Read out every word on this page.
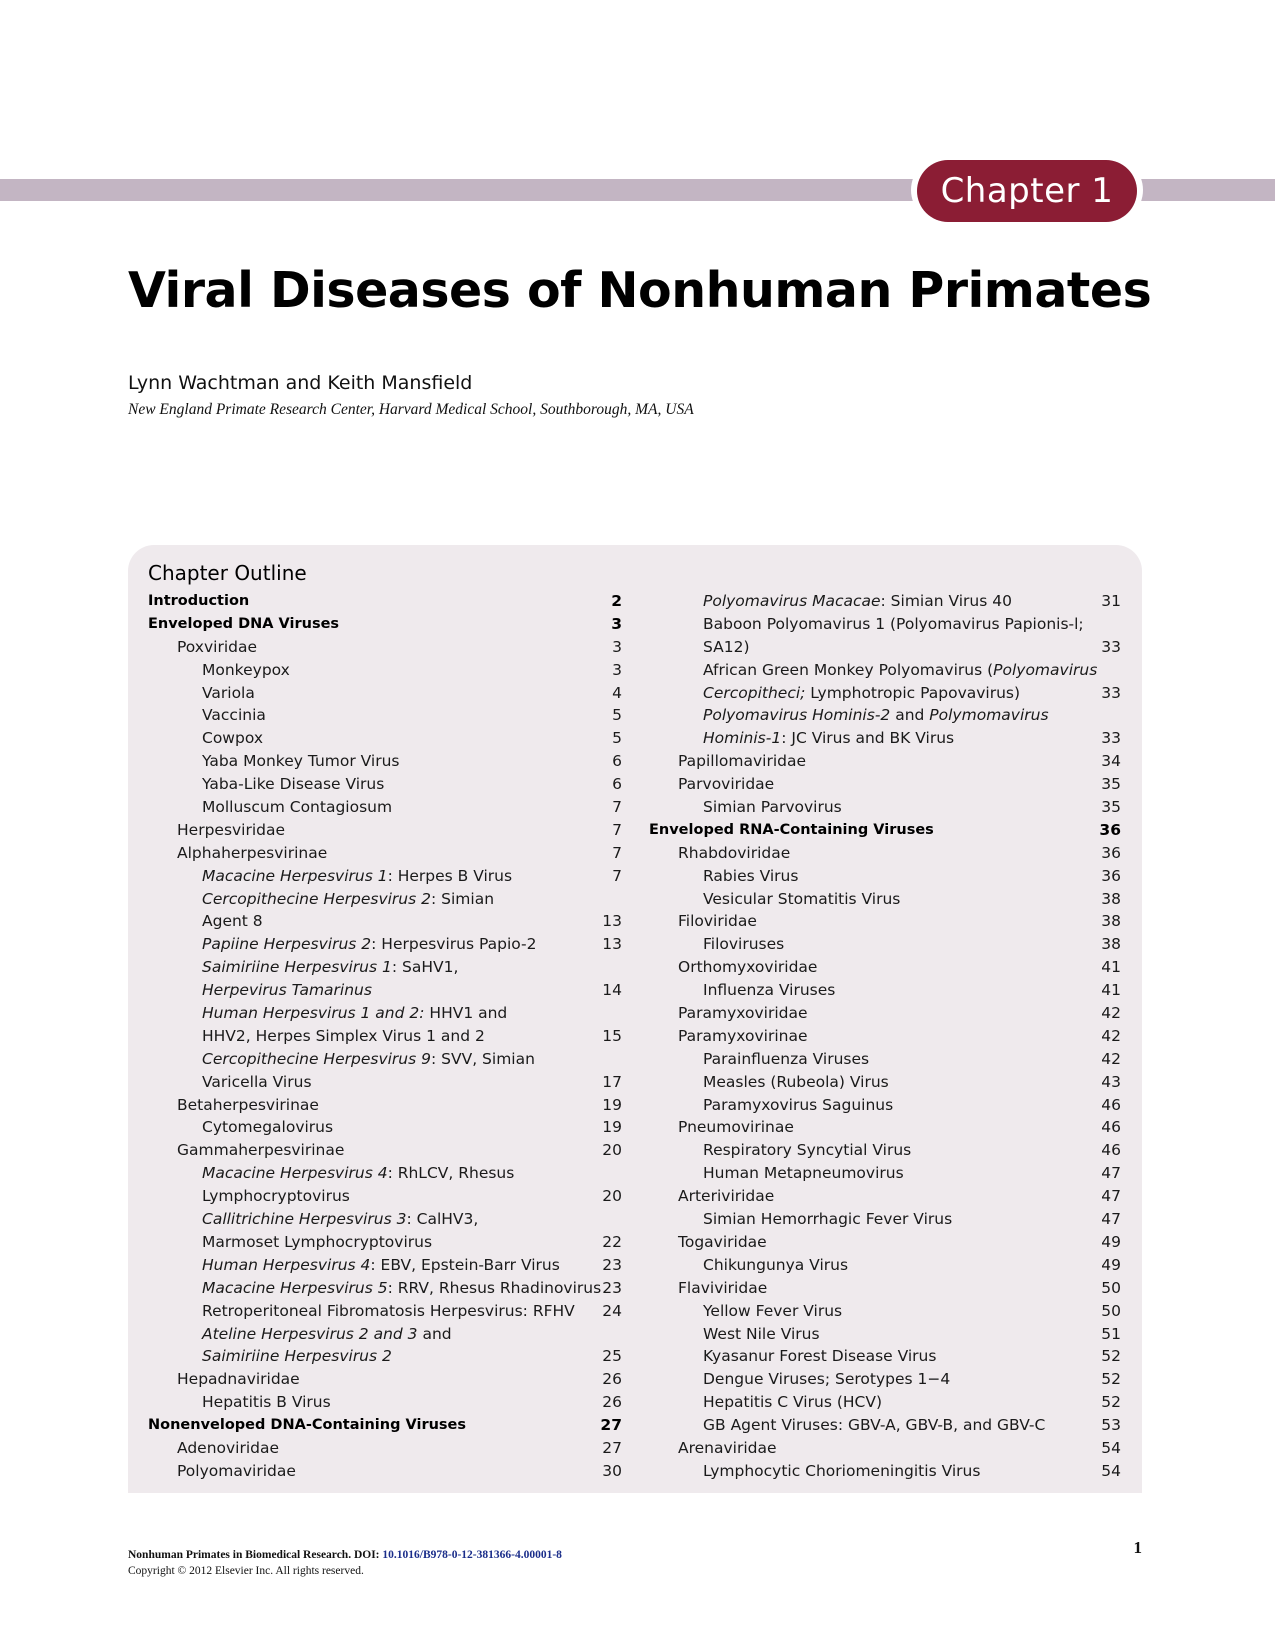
Chapter 1
Viral Diseases of Nonhuman Primates
Lynn Wachtman and Keith Mansfield
New England Primate Research Center, Harvard Medical School, Southborough, MA, USA
Chapter Outline
Introduction	2
Enveloped DNA Viruses	3
Poxviridae	3
Monkeypox	3
Variola	4
Vaccinia	5
Cowpox	5
Yaba Monkey Tumor Virus	6
Yaba-Like Disease Virus	6
Molluscum Contagiosum	7
Herpesviridae	7
Alphaherpesvirinae	7
Macacine Herpesvirus 1: Herpes B Virus	7
Cercopithecine Herpesvirus 2: Simian
Agent 8	13
Papiine Herpesvirus 2: Herpesvirus Papio-2	13
Saimiriine Herpesvirus 1: SaHV1,
Herpevirus Tamarinus	14
Human Herpesvirus 1 and 2: HHV1 and
HHV2, Herpes Simplex Virus 1 and 2	15
Cercopithecine Herpesvirus 9: SVV, Simian
Varicella Virus	17
Betaherpesvirinae	19
Cytomegalovirus	19
Gammaherpesvirinae	20
Macacine Herpesvirus 4: RhLCV, Rhesus
Lymphocryptovirus	20
Callitrichine Herpesvirus 3: CalHV3,
Marmoset Lymphocryptovirus	22
Human Herpesvirus 4: EBV, Epstein-Barr Virus	23
Macacine Herpesvirus 5: RRV, Rhesus Rhadinovirus 23
Retroperitoneal Fibromatosis Herpesvirus: RFHV 24
Ateline Herpesvirus 2 and 3 and
Saimiriine Herpesvirus 2	25
Hepadnaviridae	26
Hepatitis B Virus	26
Nonenveloped DNA-Containing Viruses	27
Adenoviridae	27
Polyomaviridae	30
Polyomavirus Macacae: Simian Virus 40	31
Baboon Polyomavirus 1 (Polyomavirus Papionis-l;
SA12)	33
African Green Monkey Polyomavirus (Polyomavirus
Cercopitheci; Lymphotropic Papovavirus)	33
Polyomavirus Hominis-2 and Polymomavirus
Hominis-1: JC Virus and BK Virus	33
Papillomaviridae	34
Parvoviridae	35
Simian Parvovirus	35
Enveloped RNA-Containing Viruses	36
Rhabdoviridae	36
Rabies Virus	36
Vesicular Stomatitis Virus	38
Filoviridae	38
Filoviruses	38
Orthomyxoviridae	41
Influenza Viruses	41
Paramyxoviridae	42
Paramyxovirinae	42
Parainfluenza Viruses	42
Measles (Rubeola) Virus	43
Paramyxovirus Saguinus	46
Pneumovirinae	46
Respiratory Syncytial Virus	46
Human Metapneumovirus	47
Arteriviridae	47
Simian Hemorrhagic Fever Virus	47
Togaviridae	49
Chikungunya Virus	49
Flaviviridae	50
Yellow Fever Virus	50
West Nile Virus	51
Kyasanur Forest Disease Virus	52
Dengue Viruses; Serotypes 1−4	52
Hepatitis C Virus (HCV)	52
GB Agent Viruses: GBV-A, GBV-B, and GBV-C	53
Arenaviridae	54
Lymphocytic Choriomeningitis Virus	54
Nonhuman Primates in Biomedical Research. DOI: 10.1016/B978-0-12-381366-4.00001-8
Copyright © 2012 Elsevier Inc. All rights reserved.
1
